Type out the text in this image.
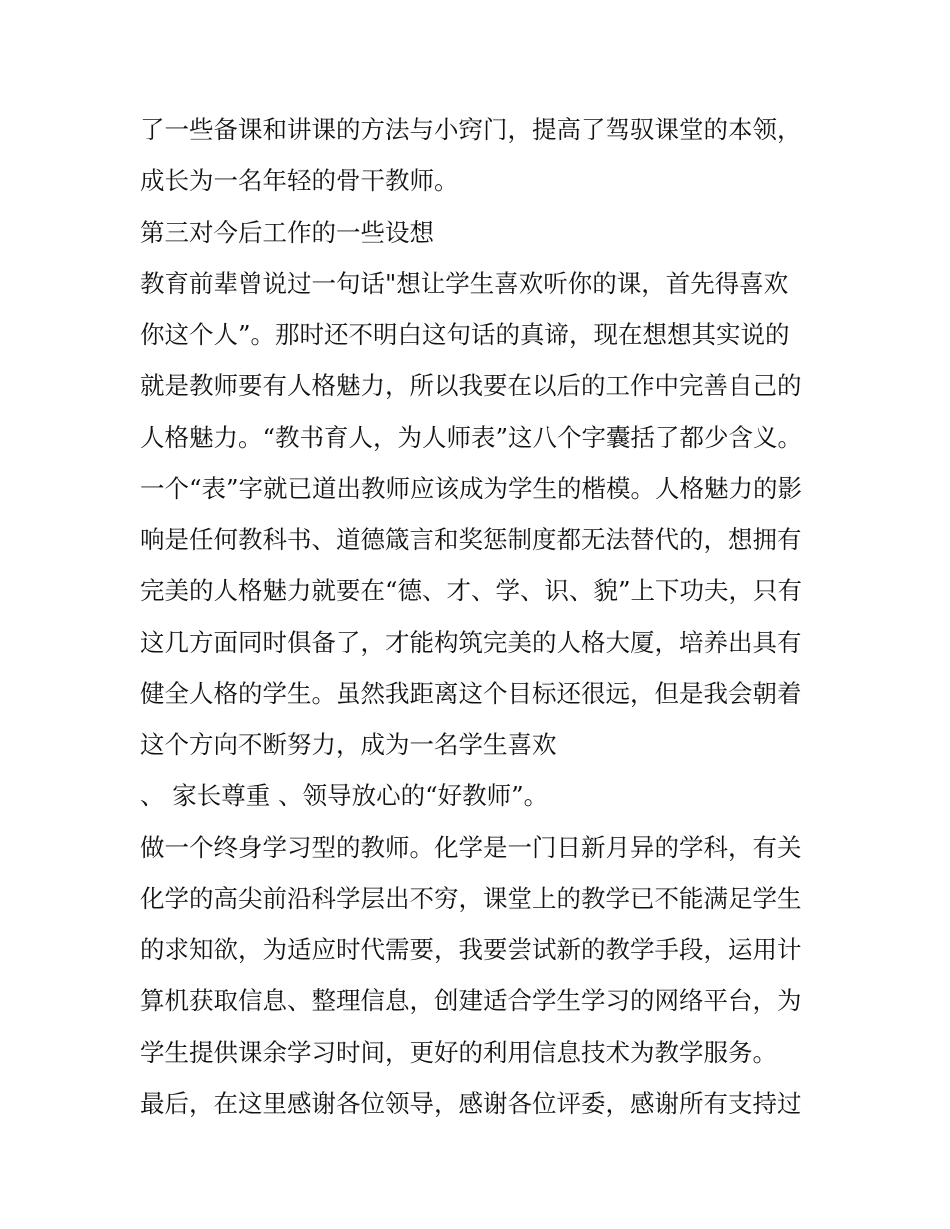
了一些备课和讲课的方法与小窍门，提高了驾驭课堂的本领，
成长为一名年轻的骨干教师。
第三对今后工作的一些设想
教育前辈曾说过一句话"想让学生喜欢听你的课，首先得喜欢
你这个人”。那时还不明白这句话的真谛，现在想想其实说的
就是教师要有人格魅力，所以我要在以后的工作中完善自己的
人格魅力。“教书育人，为人师表”这八个字囊括了都少含义。
一个“表”字就已道出教师应该成为学生的楷模。人格魅力的影
响是任何教科书、道德箴言和奖惩制度都无法替代的，想拥有
完美的人格魅力就要在“德、才、学、识、貌”上下功夫，只有
这几方面同时俱备了，才能构筑完美的人格大厦，培养出具有
健全人格的学生。虽然我距离这个目标还很远，但是我会朝着
这个方向不断努力，成为一名学生喜欢
、 家长尊重 、领导放心的“好教师”。
做一个终身学习型的教师。化学是一门日新月异的学科，有关
化学的高尖前沿科学层出不穷，课堂上的教学已不能满足学生
的求知欲，为适应时代需要，我要尝试新的教学手段，运用计
算机获取信息、整理信息，创建适合学生学习的网络平台，为
学生提供课余学习时间，更好的利用信息技术为教学服务。
最后，在这里感谢各位领导，感谢各位评委，感谢所有支持过
